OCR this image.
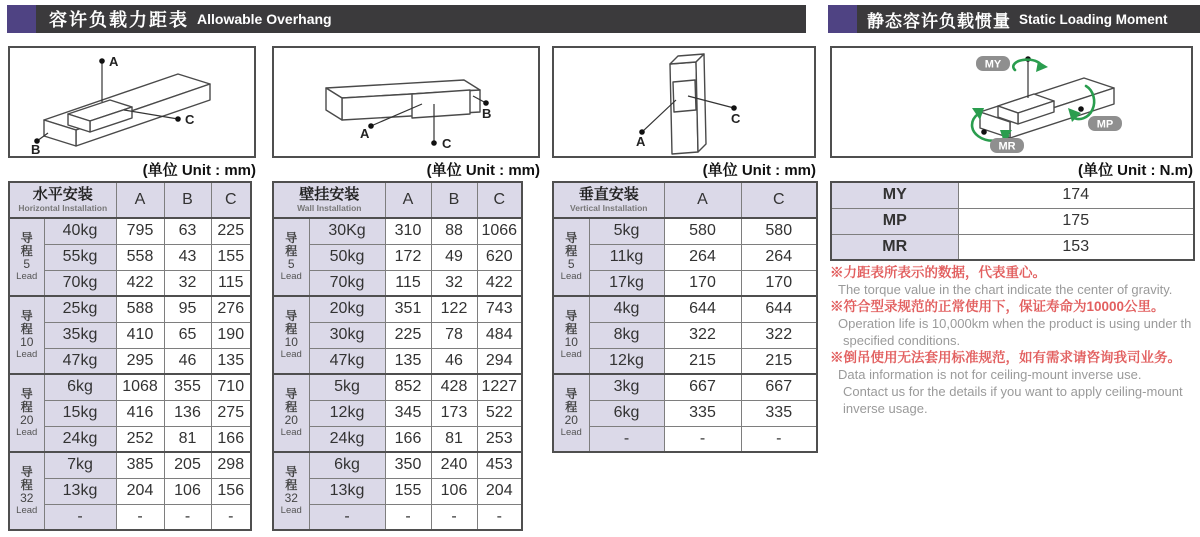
容许负载力距表 Allowable Overhang	静态容许负载惯量 Static Loading Moment
A
B
C
(单位 Unit : mm)
水平安装
Horizontal Installation		A	B	C

导
程
5
Lead	40kg	795	63	225
	55kg	558	43	155
	70kg	422	32	115

导
程
10
Lead	25kg	588	95	276
	35kg	410	65	190
	47kg	295	46	135

导
程
20
Lead	6kg	1068	355	710
	15kg	416	136	275
	24kg	252	81	166

导
程
32
Lead	7kg	385	205	298
	13kg	204	106	156
	-	-	-	-
A
B
C
(单位 Unit : mm)
壁挂安装
Wall Installation		A	B	C

导
程
5
Lead	30Kg	310	88	1066
	50kg	172	49	620
	70kg	115	32	422

导
程
10
Lead	20kg	351	122	743
	30kg	225	78	484
	47kg	135	46	294

导
程
20
Lead	5kg	852	428	1227
	12kg	345	173	522
	24kg	166	81	253

导
程
32
Lead	6kg	350	240	453
	13kg	155	106	204
	-	-	-	-
A
C
(单位 Unit : mm)
垂直安装
Vertical Installation		A	C

导
程
5
Lead	5kg	580	580
	11kg	264	264
	17kg	170	170

导
程
10
Lead	4kg	644	644
	8kg	322	322
	12kg	215	215

导
程
20
Lead	3kg	667	667
	6kg	335	335
	-	-	-
MY
MP
MR
(单位 Unit : N.m)
MY	174
MP	175
MR	153
※力距表所表示的数据，代表重心。
The torque value in the chart indicate the center of gravity.
※符合型录规范的正常使用下，保证寿命为10000公里。
Operation life is 10,000km when the product is using under th
specified conditions.
※倒吊使用无法套用标准规范，如有需求请咨询我司业务。
Data information is not for ceiling-mount inverse use.
Contact us for the details if you want to apply ceiling-mount
inverse usage.
